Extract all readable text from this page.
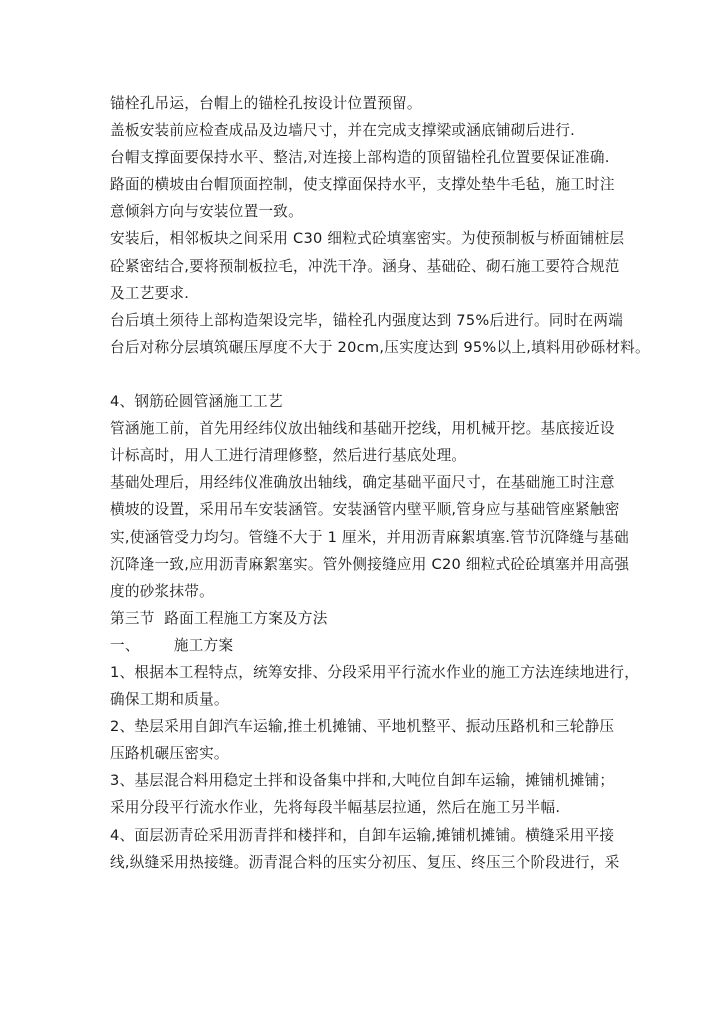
锚栓孔吊运，台帽上的锚栓孔按设计位置预留。
盖板安装前应检查成品及边墙尺寸，并在完成支撑梁或涵底铺砌后进行.
台帽支撑面要保持水平、整洁,对连接上部构造的顶留锚栓孔位置要保证准确.
路面的横坡由台帽顶面控制，使支撑面保持水平，支撑处垫牛毛毡，施工时注
意倾斜方向与安装位置一致。
安装后，相邻板块之间采用 C30 细粒式砼填塞密实。为使预制板与桥面铺桩层
砼紧密结合,要将预制板拉毛，冲洗干净。涵身、基础砼、砌石施工要符合规范
及工艺要求.
台后填土须待上部构造架设完毕，锚栓孔内强度达到 75%后进行。同时在两端
台后对称分层填筑碾压厚度不大于 20cm,压实度达到 95%以上,填料用砂砾材料。
4、钢筋砼圆管涵施工工艺
管涵施工前，首先用经纬仪放出轴线和基础开挖线，用机械开挖。基底接近设
计标高时，用人工进行清理修整，然后进行基底处理。
基础处理后，用经纬仪准确放出轴线，确定基础平面尺寸，在基础施工时注意
横坡的设置，采用吊车安装涵管。安装涵管内壁平顺,管身应与基础管座紧触密
实,使涵管受力均匀。管缝不大于 1 厘米，并用沥青麻絮填塞.管节沉降缝与基础
沉降逢一致,应用沥青麻絮塞实。管外侧接缝应用 C20 细粒式砼砼填塞并用高强
度的砂浆抹带。
第三节  路面工程施工方案及方法
一、       施工方案
1、根据本工程特点，统筹安排、分段采用平行流水作业的施工方法连续地进行，
确保工期和质量。
2、垫层采用自卸汽车运输,推土机摊铺、平地机整平、振动压路机和三轮静压
压路机碾压密实。
3、基层混合料用稳定土拌和设备集中拌和,大吨位自卸车运输，摊铺机摊铺；
采用分段平行流水作业，先将每段半幅基层拉通，然后在施工另半幅.
4、面层沥青砼采用沥青拌和楼拌和，自卸车运输,摊铺机摊铺。横缝采用平接
线,纵缝采用热接缝。沥青混合料的压实分初压、复压、终压三个阶段进行，采
